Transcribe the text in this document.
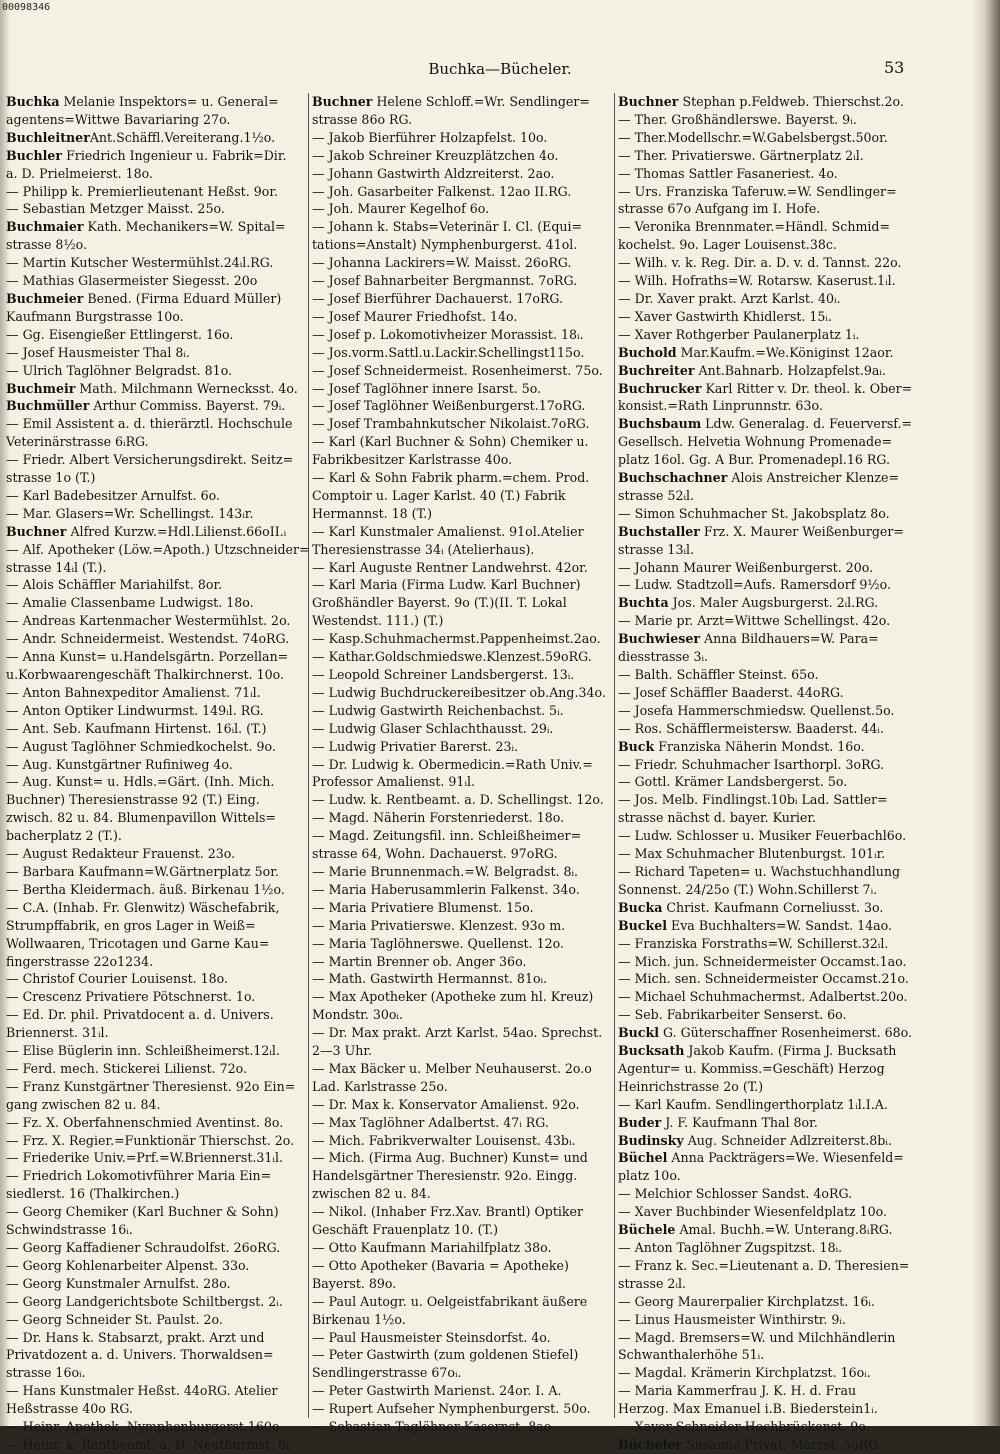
00098346
Buchka—Bücheler.	53
Buchka Melanie Inspektors= u. General=
agentens=Wittwe Bavariaring 27o.
BuchleitnerAnt.Schäffl.Vereiterang.1½o.
Buchler Friedrich Ingenieur u. Fabrik=Dir.
a. D. Prielmeierst. 18o.
— Philipp k. Premierlieutenant Heßst. 9or.
— Sebastian Metzger Maisst. 25o.
Buchmaier Kath. Mechanikers=W. Spital=
strasse 8½o.
— Martin Kutscher Westermühlst.24ᵢl.RG.
— Mathias Glasermeister Siegesst. 20o
Buchmeier Bened. (Firma Eduard Müller)
Kaufmann Burgstrasse 10o.
— Gg. Eisengießer Ettlingerst. 16o.
— Josef Hausmeister Thal 8ᵢ.
— Ulrich Taglöhner Belgradst. 81o.
Buchmeir Math. Milchmann Wernecksst. 4o.
Buchmüller Arthur Commiss. Bayerst. 79ᵢ.
— Emil Assistent a. d. thierärztl. Hochschule
Veterinärstrasse 6ᵢRG.
— Friedr. Albert Versicherungsdirekt. Seitz=
strasse 1o (T.)
— Karl Badebesitzer Arnulfst. 6o.
— Mar. Glasers=Wr. Schellingst. 143ᵢr.
Buchner Alfred Kurzw.=Hdl.Lilienst.66oII.ᵢ
— Alf. Apotheker (Löw.=Apoth.) Utzschneider=
strasse 14ᵢl (T.).
— Alois Schäffler Mariahilfst. 8or.
— Amalie Classenbame Ludwigst. 18o.
— Andreas Kartenmacher Westermühlst. 2o.
— Andr. Schneidermeist. Westendst. 74oRG.
— Anna Kunst= u.Handelsgärtn. Porzellan=
u.Korbwaarengeschäft Thalkirchnerst. 10o.
— Anton Bahnexpeditor Amalienst. 71ᵢl.
— Anton Optiker Lindwurmst. 149ᵢl. RG.
— Ant. Seb. Kaufmann Hirtenst. 16ᵢl. (T.)
— August Taglöhner Schmiedkochelst. 9o.
— Aug. Kunstgärtner Rufiniweg 4o.
— Aug. Kunst= u. Hdls.=Gärt. (Inh. Mich.
Buchner) Theresienstrasse 92 (T.) Eing.
zwisch. 82 u. 84. Blumenpavillon Wittels=
bacherplatz 2 (T.).
— August Redakteur Frauenst. 23o.
— Barbara Kaufmann=W.Gärtnerplatz 5or.
— Bertha Kleidermach. äuß. Birkenau 1½o.
— C.A. (Inhab. Fr. Glenwitz) Wäschefabrik,
Strumpffabrik, en gros Lager in Weiß=
Wollwaaren, Tricotagen und Garne Kau=
fingerstrasse 22o1234.
— Christof Courier Louisenst. 18o.
— Crescenz Privatiere Pötschnerst. 1o.
— Ed. Dr. phil. Privatdocent a. d. Univers.
Briennerst. 31ᵢl.
— Elise Büglerin inn. Schleißheimerst.12ᵢl.
— Ferd. mech. Stickerei Lilienst. 72o.
— Franz Kunstgärtner Theresienst. 92o Ein=
gang zwischen 82 u. 84.
— Fz. X. Oberfahnenschmied Aventinst. 8o.
— Frz. X. Regier.=Funktionär Thierschst. 2o.
— Friederike Univ.=Prf.=W.Briennerst.31ᵢl.
— Friedrich Lokomotivführer Maria Ein=
siedlerst. 16 (Thalkirchen.)
— Georg Chemiker (Karl Buchner & Sohn)
Schwindstrasse 16ᵢ.
— Georg Kaffadiener Schraudolfst. 26oRG.
— Georg Kohlenarbeiter Alpenst. 33o.
— Georg Kunstmaler Arnulfst. 28o.
— Georg Landgerichtsbote Schiltbergst. 2ᵢ.
— Georg Schneider St. Paulst. 2o.
— Dr. Hans k. Stabsarzt, prakt. Arzt und
Privatdozent a. d. Univers. Thorwaldsen=
strasse 16oᵢ.
— Hans Kunstmaler Heßst. 44oRG. Atelier
Heßstrasse 40o RG.
— Heinr. Apothek. Nymphenburgerst.160o.
— Heinr. k. Rentbeamt. a. D. Neuthurmst. 6ᵢ.
Buchner Helene Schloff.=Wr. Sendlinger=
strasse 86o RG.
— Jakob Bierführer Holzapfelst. 10o.
— Jakob Schreiner Kreuzplätzchen 4o.
— Johann Gastwirth Aldzreiterst. 2ao.
— Joh. Gasarbeiter Falkenst. 12ao II.RG.
— Joh. Maurer Kegelhof 6o.
— Johann k. Stabs=Veterinär I. Cl. (Equi=
tations=Anstalt) Nymphenburgerst. 41ol.
— Johanna Lackirers=W. Maisst. 26oRG.
— Josef Bahnarbeiter Bergmannst. 7oRG.
— Josef Bierführer Dachauerst. 17oRG.
— Josef Maurer Friedhofst. 14o.
— Josef p. Lokomotivheizer Morassist. 18ᵢ.
— Jos.vorm.Sattl.u.Lackir.Schellingst115o.
— Josef Schneidermeist. Rosenheimerst. 75o.
— Josef Taglöhner innere Isarst. 5o.
— Josef Taglöhner Weißenburgerst.17oRG.
— Josef Trambahnkutscher Nikolaist.7oRG.
— Karl (Karl Buchner & Sohn) Chemiker u.
Fabrikbesitzer Karlstrasse 40o.
— Karl & Sohn Fabrik pharm.=chem. Prod.
Comptoir u. Lager Karlst. 40 (T.) Fabrik
Hermannst. 18 (T.)
— Karl Kunstmaler Amalienst. 91ol.Atelier
Theresienstrasse 34ᵢ (Atelierhaus).
— Karl Auguste Rentner Landwehrst. 42or.
— Karl Maria (Firma Ludw. Karl Buchner)
Großhändler Bayerst. 9o (T.)(II. T. Lokal
Westendst. 111.) (T.)
— Kasp.Schuhmachermst.Pappenheimst.2ao.
— Kathar.Goldschmiedswe.Klenzest.59oRG.
— Leopold Schreiner Landsbergerst. 13ᵢ.
— Ludwig Buchdruckereibesitzer ob.Ang.34o.
— Ludwig Gastwirth Reichenbachst. 5ᵢ.
— Ludwig Glaser Schlachthausst. 29ᵢ.
— Ludwig Privatier Barerst. 23ᵢ.
— Dr. Ludwig k. Obermedicin.=Rath Univ.=
Professor Amalienst. 91ᵢl.
— Ludw. k. Rentbeamt. a. D. Schellingst. 12o.
— Magd. Näherin Forstenriederst. 18o.
— Magd. Zeitungsfil. inn. Schleißheimer=
strasse 64, Wohn. Dachauerst. 97oRG.
— Marie Brunnenmach.=W. Belgradst. 8ᵢ.
— Maria Haberusammlerin Falkenst. 34o.
— Maria Privatiere Blumenst. 15o.
— Maria Privatierswe. Klenzest. 93o m.
— Maria Taglöhnerswe. Quellenst. 12o.
— Martin Brenner ob. Anger 36o.
— Math. Gastwirth Hermannst. 81oᵢ.
— Max Apotheker (Apotheke zum hl. Kreuz)
Mondstr. 30oᵢ.
— Dr. Max prakt. Arzt Karlst. 54ao. Sprechst.
2—3 Uhr.
— Max Bäcker u. Melber Neuhauserst. 2o.o
Lad. Karlstrasse 25o.
— Dr. Max k. Konservator Amalienst. 92o.
— Max Taglöhner Adalbertst. 47ᵢ RG.
— Mich. Fabrikverwalter Louisenst. 43bᵢ.
— Mich. (Firma Aug. Buchner) Kunst= und
Handelsgärtner Theresienstr. 92o. Eingg.
zwischen 82 u. 84.
— Nikol. (Inhaber Frz.Xav. Brantl) Optiker
Geschäft Frauenplatz 10. (T.)
— Otto Kaufmann Mariahilfplatz 38o.
— Otto Apotheker (Bavaria = Apotheke)
Bayerst. 89o.
— Paul Autogr. u. Oelgeistfabrikant äußere
Birkenau 1½o.
— Paul Hausmeister Steinsdorfst. 4o.
— Peter Gastwirth (zum goldenen Stiefel)
Sendlingerstrasse 67oᵢ.
— Peter Gastwirth Marienst. 24or. I. A.
— Rupert Aufseher Nymphenburgerst. 50o.
— Sebastian Taglöhner Kasernst. 8ao.
Buchner Stephan p.Feldweb. Thierschst.2o.
— Ther. Großhändlerswe. Bayerst. 9ᵢ.
— Ther.Modellschr.=W.Gabelsbergst.50or.
— Ther. Privatierswe. Gärtnerplatz 2ᵢl.
— Thomas Sattler Fasaneriest. 4o.
— Urs. Franziska Taferuw.=W. Sendlinger=
strasse 67o Aufgang im I. Hofe.
— Veronika Brennmater.=Händl. Schmid=
kochelst. 9o. Lager Louisenst.38c.
— Wilh. v. k. Reg. Dir. a. D. v. d. Tannst. 22o.
— Wilh. Hofraths=W. Rotarsw. Kaserust.1ᵢl.
— Dr. Xaver prakt. Arzt Karlst. 40ᵢ.
— Xaver Gastwirth Khidlerst. 15ᵢ.
— Xaver Rothgerber Paulanerplatz 1ᵢ.
Buchold Mar.Kaufm.=We.Königinst 12aor.
Buchreiter Ant.Bahnarb. Holzapfelst.9aᵢ.
Buchrucker Karl Ritter v. Dr. theol. k. Ober=
konsist.=Rath Linprunnstr. 63o.
Buchsbaum Ldw. Generalag. d. Feuerversf.=
Gesellsch. Helvetia Wohnung Promenade=
platz 16ol. Gg. A Bur. Promenadepl.16 RG.
Buchschachner Alois Anstreicher Klenze=
strasse 52ᵢl.
— Simon Schuhmacher St. Jakobsplatz 8o.
Buchstaller Frz. X. Maurer Weißenburger=
strasse 13ᵢl.
— Johann Maurer Weißenburgerst. 20o.
— Ludw. Stadtzoll=Aufs. Ramersdorf 9½o.
Buchta Jos. Maler Augsburgerst. 2ᵢl.RG.
— Marie pr. Arzt=Wittwe Schellingst. 42o.
Buchwieser Anna Bildhauers=W. Para=
diesstrasse 3ᵢ.
— Balth. Schäffler Steinst. 65o.
— Josef Schäffler Baaderst. 44oRG.
— Josefa Hammerschmiedsw. Quellenst.5o.
— Ros. Schäfflermeistersw. Baaderst. 44ᵢ.
Buck Franziska Näherin Mondst. 16o.
— Friedr. Schuhmacher Isarthorpl. 3oRG.
— Gottl. Krämer Landsbergerst. 5o.
— Jos. Melb. Findlingst.10bᵢ Lad. Sattler=
strasse nächst d. bayer. Kurier.
— Ludw. Schlosser u. Musiker Feuerbachl6o.
— Max Schuhmacher Blutenburgst. 101ᵢr.
— Richard Tapeten= u. Wachstuchhandlung
Sonnenst. 24/25o (T.) Wohn.Schillerst 7ᵢ.
Bucka Christ. Kaufmann Corneliusst. 3o.
Buckel Eva Buchhalters=W. Sandst. 14ao.
— Franziska Forstraths=W. Schillerst.32ᵢl.
— Mich. jun. Schneidermeister Occamst.1ao.
— Mich. sen. Schneidermeister Occamst.21o.
— Michael Schuhmachermst. Adalbertst.20o.
— Seb. Fabrikarbeiter Senserst. 6o.
Buckl G. Güterschaffner Rosenheimerst. 68o.
Bucksath Jakob Kaufm. (Firma J. Bucksath
Agentur= u. Kommiss.=Geschäft) Herzog
Heinrichstrasse 2o (T.)
— Karl Kaufm. Sendlingerthorplatz 1ᵢl.I.A.
Buder J. F. Kaufmann Thal 8or.
Budinsky Aug. Schneider Adlzreiterst.8bᵢ.
Büchel Anna Packträgers=We. Wiesenfeld=
platz 10o.
— Melchior Schlosser Sandst. 4oRG.
— Xaver Buchbinder Wiesenfeldplatz 10o.
Büchele Amal. Buchh.=W. Unterang.8ᵢRG.
— Anton Taglöhner Zugspitzst. 18ᵢ.
— Franz k. Sec.=Lieutenant a. D. Theresien=
strasse 2ᵢl.
— Georg Maurerpalier Kirchplatzst. 16ᵢ.
— Linus Hausmeister Winthirstr. 9ᵢ.
— Magd. Bremsers=W. und Milchhändlerin
Schwanthalerhöhe 51ᵢ.
— Magdal. Krämerin Kirchplatzst. 16oᵢ.
— Maria Kammerfrau J. K. H. d. Frau
Herzog. Max Emanuel i.B. Biederstein1ᵢ.
— Xaver Schneider Hochbrückenst. 9o.
Bücheler Susanna Privat. Marsst. 5oRG.
